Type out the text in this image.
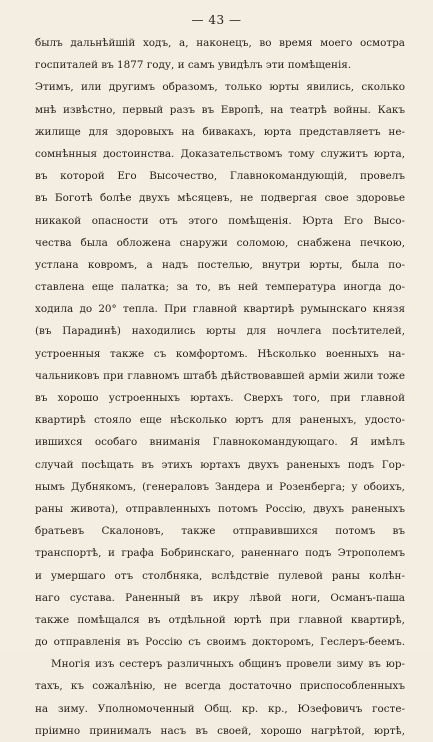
— 43 —
былъ дальнѣйшій ходъ, а, наконецъ, во время моего осмотра
госпиталей въ 1877 году, и самъ увидѣлъ эти помѣщенія.
Этимъ, или другимъ образомъ, только юрты явились, сколько
мнѣ извѣстно, первый разъ въ Европѣ, на театрѣ войны. Какъ
жилище для здоровыхъ на бивакахъ, юрта представляетъ не-
сомнѣнныя достоинства. Доказательствомъ тому служитъ юрта,
въ которой Его Высочество, Главнокомандующій, провелъ
въ Боготѣ болѣе двухъ мѣсяцевъ, не подвергая свое здоровье
никакой опасности отъ этого помѣщенія. Юрта Его Высо-
чества была обложена снаружи соломою, снабжена печкою,
устлана ковромъ, а надъ постелью, внутри юрты, была по-
ставлена еще палатка; за то, въ ней температура иногда до-
ходила до 20° тепла. При главной квартирѣ румынскаго князя
(въ Парадинѣ) находились юрты для ночлега посѣтителей,
устроенныя также съ комфортомъ. Нѣсколько военныхъ на-
чальниковъ при главномъ штабѣ дѣйствовавшей арміи жили тоже
въ хорошо устроенныхъ юртахъ. Сверхъ того, при главной
квартирѣ стояло еще нѣсколько юртъ для раненыхъ, удосто-
ившихся особаго вниманія Главнокомандующаго. Я имѣлъ
случай посѣщать въ этихъ юртахъ двухъ раненыхъ подъ Гор-
нымъ Дубнякомъ, (генераловъ Зандера и Розенберга; у обоихъ,
раны живота), отправленныхъ потомъ Россію, двухъ раненыхъ
братьевъ Скалоновъ, также отправившихся потомъ въ
транспортѣ, и графа Бобринскаго, раненнаго подъ Этрополемъ
и умершаго отъ столбняка, вслѣдствіе пулевой раны колѣн-
наго сустава. Раненный въ икру лѣвой ноги, Османъ-паша
также помѣщался въ отдѣльной юртѣ при главной квартирѣ,
до отправленія въ Россію съ своимъ докторомъ, Геслеръ-беемъ.
Многія изъ сестеръ различныхъ общинъ провели зиму въ юр-
тахъ, къ сожалѣнію, не всегда достаточно приспособленныхъ
на зиму. Уполномоченный Общ. кр. кр., Юзефовичъ госте-
пріимно принималъ насъ въ своей, хорошо нагрѣтой, юртѣ,
